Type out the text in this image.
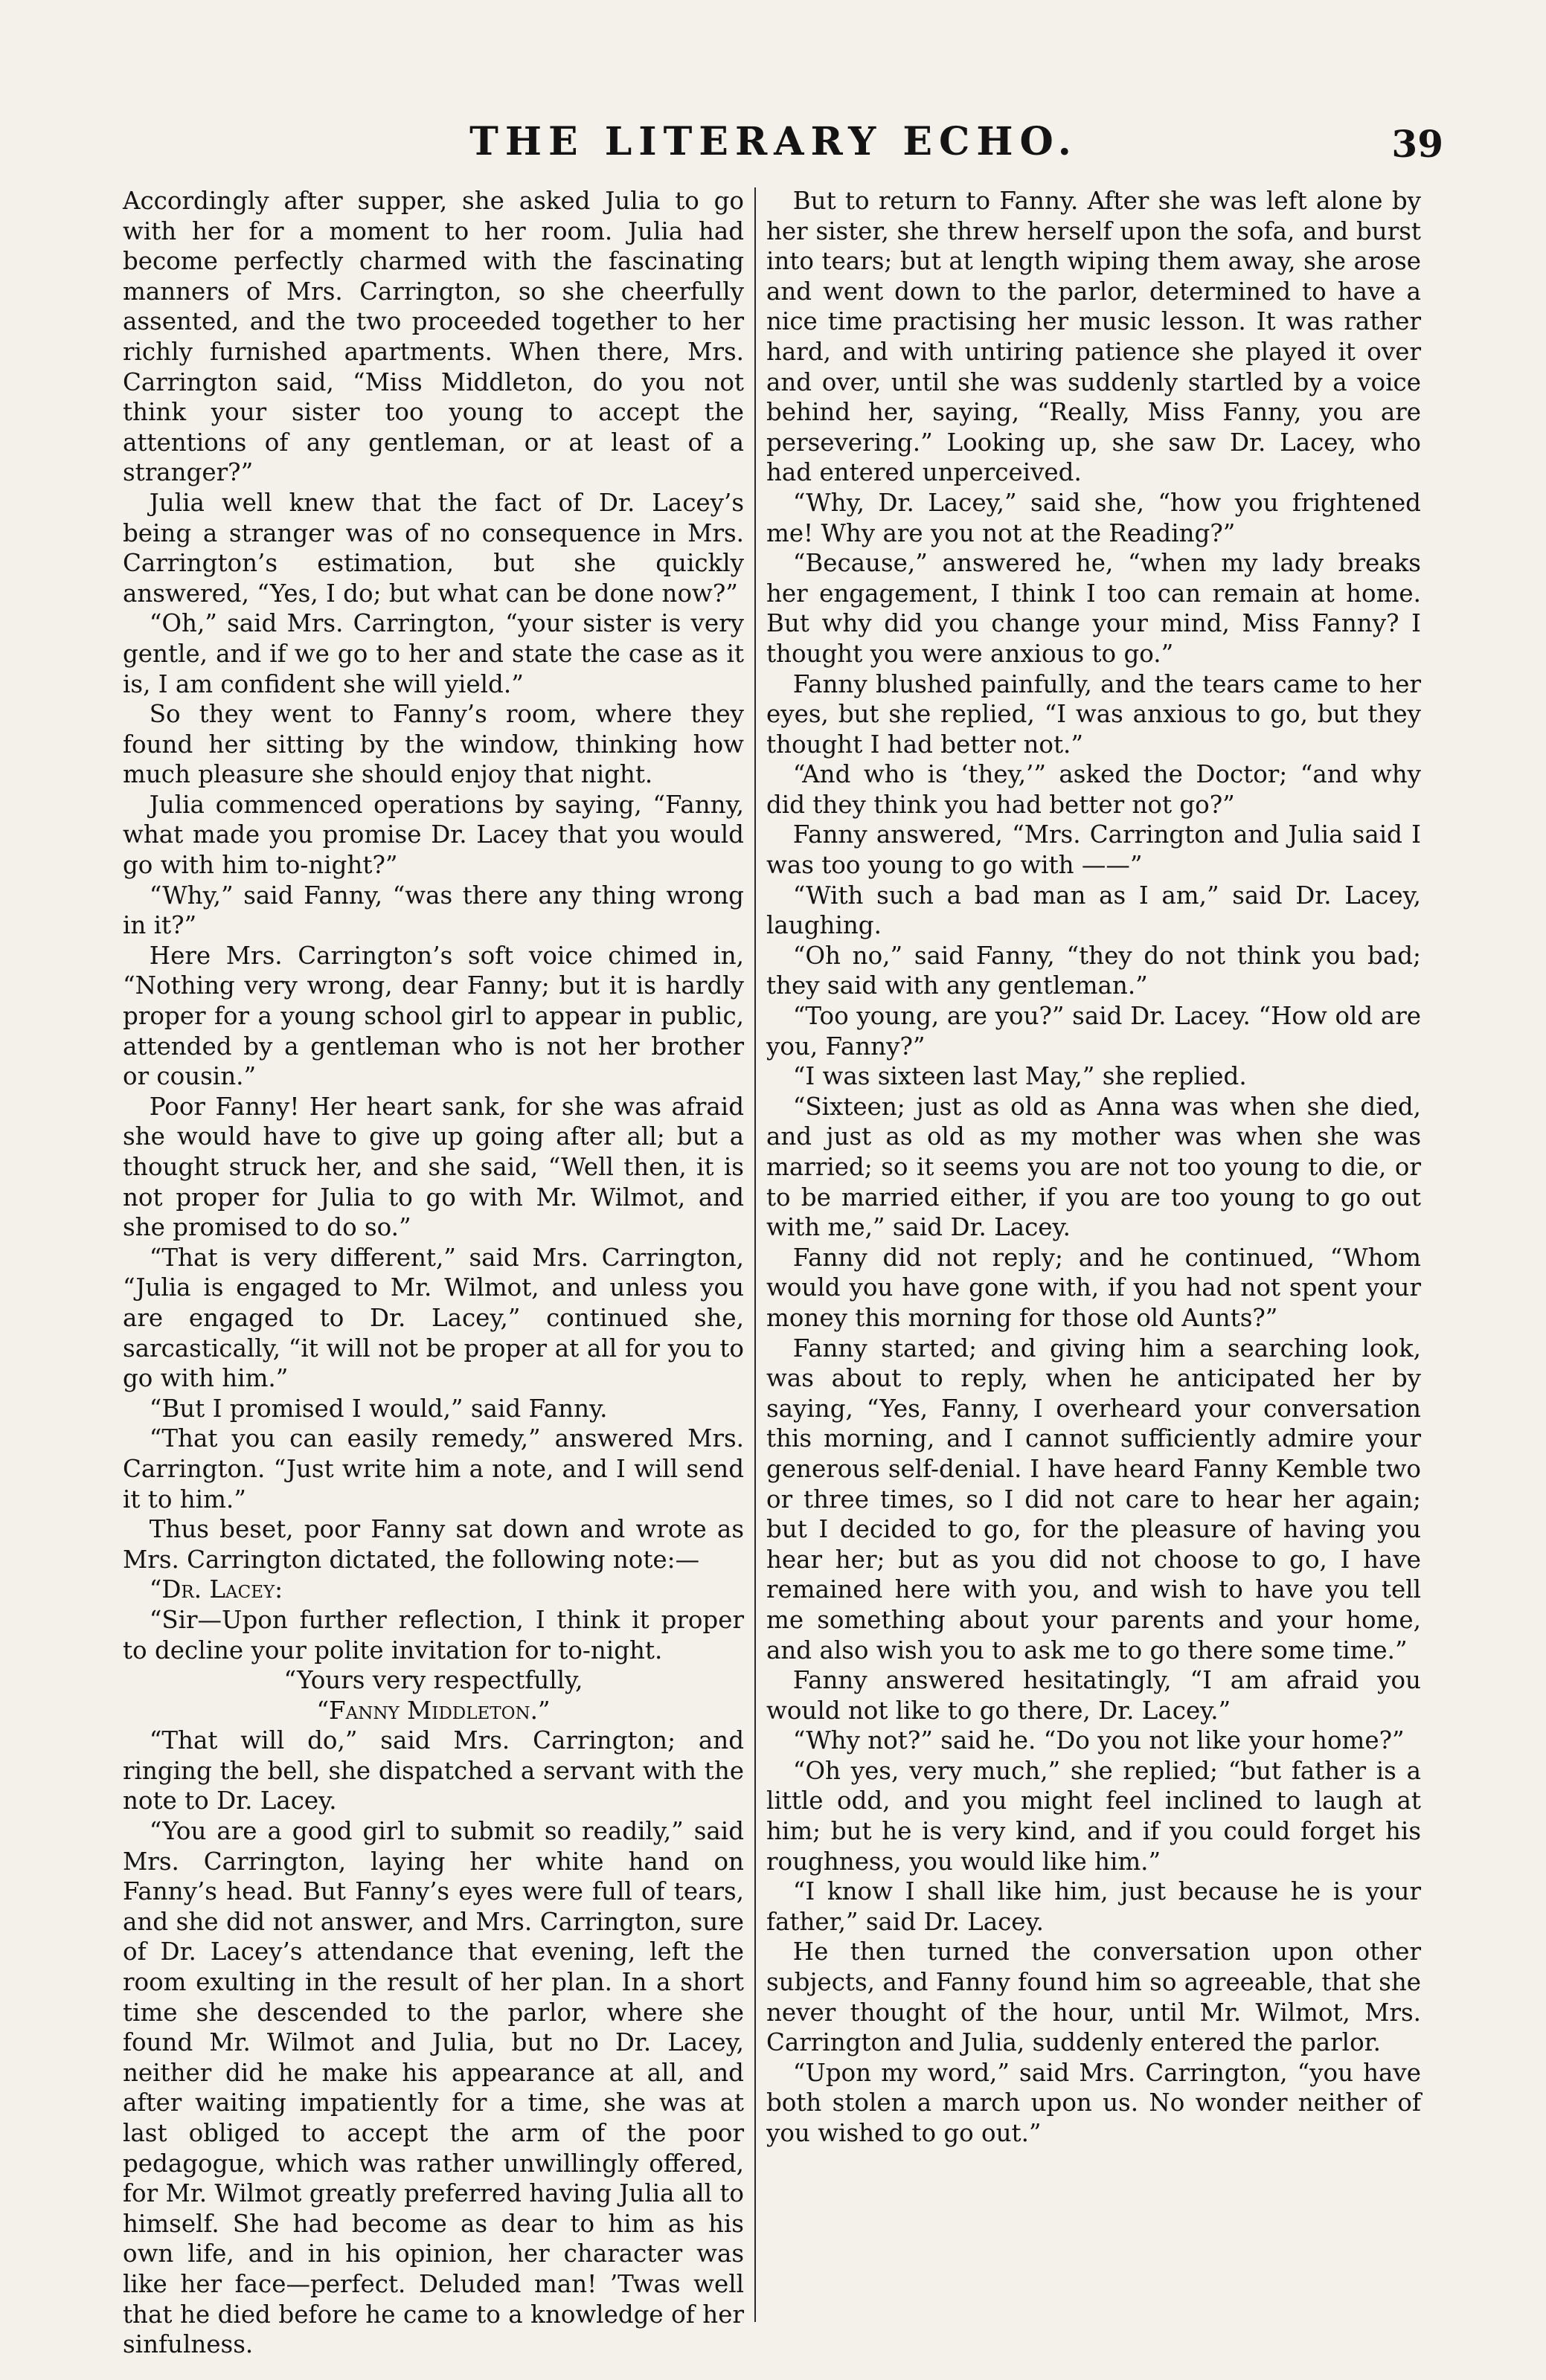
THE LITERARY ECHO.	39

Accordingly after supper, she asked Julia to go with her for a moment to her room. Julia had become perfectly charmed with the fascinating manners of Mrs. Carrington, so she cheerfully assented, and the two proceeded together to her richly furnished apartments. When there, Mrs. Carrington said, “Miss Middleton, do you not think your sister too young to accept the attentions of any gentleman, or at least of a stranger?”

Julia well knew that the fact of Dr. Lacey’s being a stranger was of no consequence in Mrs. Carrington’s estimation, but she quickly answered, “Yes, I do; but what can be done now?”

“Oh,” said Mrs. Carrington, “your sister is very gentle, and if we go to her and state the case as it is, I am confident she will yield.”

So they went to Fanny’s room, where they found her sitting by the window, thinking how much pleasure she should enjoy that night.

Julia commenced operations by saying, “Fanny, what made you promise Dr. Lacey that you would go with him to-night?”

“Why,” said Fanny, “was there any thing wrong in it?”

Here Mrs. Carrington’s soft voice chimed in, “Nothing very wrong, dear Fanny; but it is hardly proper for a young school girl to appear in public, attended by a gentleman who is not her brother or cousin.”

Poor Fanny! Her heart sank, for she was afraid she would have to give up going after all; but a thought struck her, and she said, “Well then, it is not proper for Julia to go with Mr. Wilmot, and she promised to do so.”

“That is very different,” said Mrs. Carrington, “Julia is engaged to Mr. Wilmot, and unless you are engaged to Dr. Lacey,” continued she, sarcastically, “it will not be proper at all for you to go with him.”

“But I promised I would,” said Fanny.

“That you can easily remedy,” answered Mrs. Carrington. “Just write him a note, and I will send it to him.”

Thus beset, poor Fanny sat down and wrote as Mrs. Carrington dictated, the following note:—

“Dr. Lacey:

“Sir—Upon further reflection, I think it proper to decline your polite invitation for to-night.

“Yours very respectfully,

“Fanny Middleton.”

“That will do,” said Mrs. Carrington; and ringing the bell, she dispatched a servant with the note to Dr. Lacey.

“You are a good girl to submit so readily,” said Mrs. Carrington, laying her white hand on Fanny’s head. But Fanny’s eyes were full of tears, and she did not answer, and Mrs. Carrington, sure of Dr. Lacey’s attendance that evening, left the room exulting in the result of her plan. In a short time she descended to the parlor, where she found Mr. Wilmot and Julia, but no Dr. Lacey, neither did he make his appearance at all, and after waiting impatiently for a time, she was at last obliged to accept the arm of the poor pedagogue, which was rather unwillingly offered, for Mr. Wilmot greatly preferred having Julia all to himself. She had become as dear to him as his own life, and in his opinion, her character was like her face—perfect. Deluded man! ’Twas well that he died before he came to a knowledge of her sinfulness.

But to return to Fanny. After she was left alone by her sister, she threw herself upon the sofa, and burst into tears; but at length wiping them away, she arose and went down to the parlor, determined to have a nice time practising her music lesson. It was rather hard, and with untiring patience she played it over and over, until she was suddenly startled by a voice behind her, saying, “Really, Miss Fanny, you are persevering.” Looking up, she saw Dr. Lacey, who had entered unperceived.

“Why, Dr. Lacey,” said she, “how you frightened me! Why are you not at the Reading?”

“Because,” answered he, “when my lady breaks her engagement, I think I too can remain at home. But why did you change your mind, Miss Fanny? I thought you were anxious to go.”

Fanny blushed painfully, and the tears came to her eyes, but she replied, “I was anxious to go, but they thought I had better not.”

“And who is ‘they,’” asked the Doctor; “and why did they think you had better not go?”

Fanny answered, “Mrs. Carrington and Julia said I was too young to go with ——”

“With such a bad man as I am,” said Dr. Lacey, laughing.

“Oh no,” said Fanny, “they do not think you bad; they said with any gentleman.”

“Too young, are you?” said Dr. Lacey. “How old are you, Fanny?”

“I was sixteen last May,” she replied.

“Sixteen; just as old as Anna was when she died, and just as old as my mother was when she was married; so it seems you are not too young to die, or to be married either, if you are too young to go out with me,” said Dr. Lacey.

Fanny did not reply; and he continued, “Whom would you have gone with, if you had not spent your money this morning for those old Aunts?”

Fanny started; and giving him a searching look, was about to reply, when he anticipated her by saying, “Yes, Fanny, I overheard your conversation this morning, and I cannot sufficiently admire your generous self-denial. I have heard Fanny Kemble two or three times, so I did not care to hear her again; but I decided to go, for the pleasure of having you hear her; but as you did not choose to go, I have remained here with you, and wish to have you tell me something about your parents and your home, and also wish you to ask me to go there some time.”

Fanny answered hesitatingly, “I am afraid you would not like to go there, Dr. Lacey.”

“Why not?” said he. “Do you not like your home?”

“Oh yes, very much,” she replied; “but father is a little odd, and you might feel inclined to laugh at him; but he is very kind, and if you could forget his roughness, you would like him.”

“I know I shall like him, just because he is your father,” said Dr. Lacey.

He then turned the conversation upon other subjects, and Fanny found him so agreeable, that she never thought of the hour, until Mr. Wilmot, Mrs. Carrington and Julia, suddenly entered the parlor.

“Upon my word,” said Mrs. Carrington, “you have both stolen a march upon us. No wonder neither of you wished to go out.”
